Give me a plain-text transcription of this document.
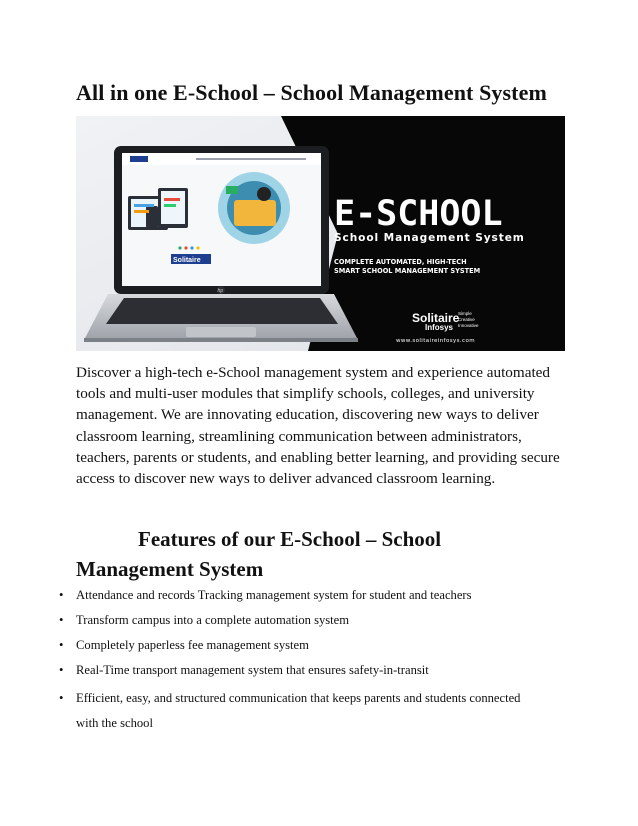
All in one E-School – School Management System
Solitaire
hp
E-SCHOOL
School Management System
COMPLETE AUTOMATED, HIGH-TECH
SMART SCHOOL MANAGEMENT SYSTEM
Solitaire
Infosys
Simple
Creative
Innovative
www.solitaireinfosys.com

Discover a high-tech e-School management system and experience automated tools and multi-user modules that simplify schools, colleges, and university management. We are innovating education, discovering new ways to deliver classroom learning, streamlining communication between administrators, teachers, parents or students, and enabling better learning, and providing secure access to discover new ways to deliver advanced classroom learning.

Features of our E-School – School
Management System
• Attendance and records Tracking management system for student and teachers
• Transform campus into a complete automation system
• Completely paperless fee management system
• Real-Time transport management system that ensures safety-in-transit
• Efficient, easy, and structured communication that keeps parents and students connected with the school
